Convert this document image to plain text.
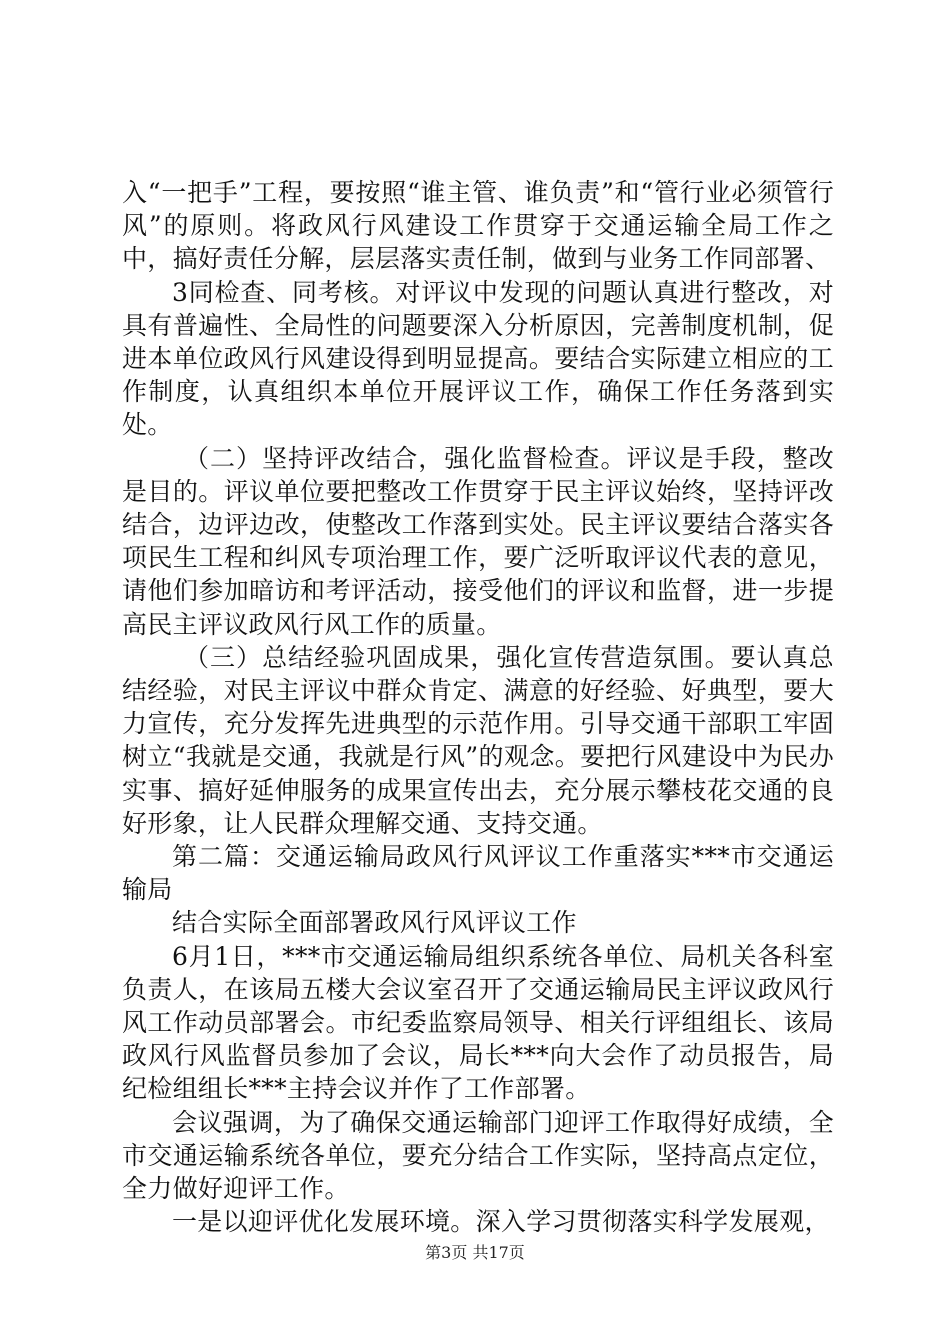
入“一把手”工程，要按照“谁主管、谁负责”和“管行业必须管行风”的原则。将政风行风建设工作贯穿于交通运输全局工作之中，搞好责任分解，层层落实责任制，做到与业务工作同部署、

3同检查、同考核。对评议中发现的问题认真进行整改，对具有普遍性、全局性的问题要深入分析原因，完善制度机制，促进本单位政风行风建设得到明显提高。要结合实际建立相应的工作制度，认真组织本单位开展评议工作，确保工作任务落到实处。

（二）坚持评改结合，强化监督检查。评议是手段，整改是目的。评议单位要把整改工作贯穿于民主评议始终，坚持评改结合，边评边改，使整改工作落到实处。民主评议要结合落实各项民生工程和纠风专项治理工作，要广泛听取评议代表的意见，请他们参加暗访和考评活动，接受他们的评议和监督，进一步提高民主评议政风行风工作的质量。

（三）总结经验巩固成果，强化宣传营造氛围。要认真总结经验，对民主评议中群众肯定、满意的好经验、好典型，要大力宣传，充分发挥先进典型的示范作用。引导交通干部职工牢固树立“我就是交通，我就是行风”的观念。要把行风建设中为民办实事、搞好延伸服务的成果宣传出去，充分展示攀枝花交通的良好形象，让人民群众理解交通、支持交通。

第二篇：交通运输局政风行风评议工作重落实***市交通运输局

结合实际全面部署政风行风评议工作

6月1日，***市交通运输局组织系统各单位、局机关各科室负责人，在该局五楼大会议室召开了交通运输局民主评议政风行风工作动员部署会。市纪委监察局领导、相关行评组组长、该局政风行风监督员参加了会议，局长***向大会作了动员报告，局纪检组组长***主持会议并作了工作部署。

会议强调，为了确保交通运输部门迎评工作取得好成绩，全市交通运输系统各单位，要充分结合工作实际，坚持高点定位，全力做好迎评工作。

一是以迎评优化发展环境。深入学习贯彻落实科学发展观，

第3页 共17页
